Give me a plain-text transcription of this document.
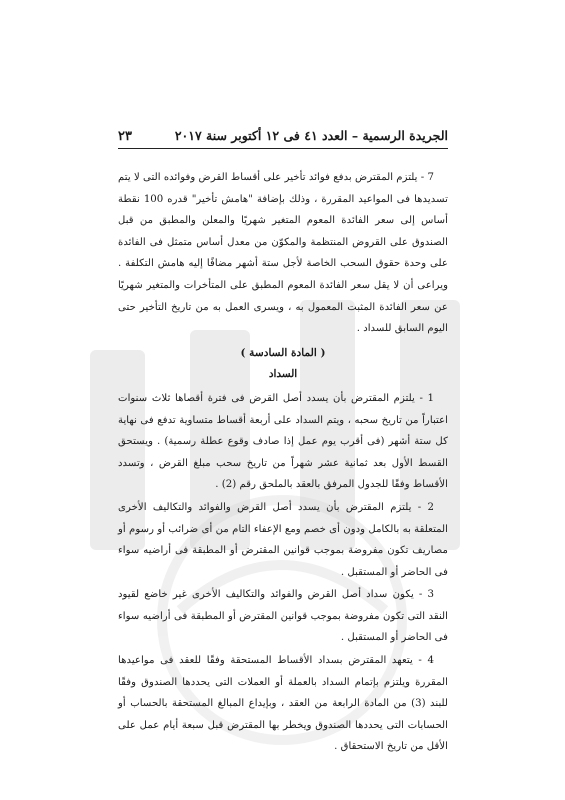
الجريدة الرسمية – العدد ٤١ فى ١٢ أكتوبر سنة ٢٠١٧
٢٣

7 - يلتزم المقترض بدفع فوائد تأخير على أقساط القرض وفوائده التى لا يتم تسديدها فى المواعيد المقررة ، وذلك بإضافة "هامش تأخير" قدره 100 نقطة أساس إلى سعر الفائدة المعوم المتغير شهريًا والمعلن والمطبق من قبل الصندوق على القروض المنتظمة والمكوّن من معدل أساس متمثل فى الفائدة على وحدة حقوق السحب الخاصة لأجل ستة أشهر مضافًا إليه هامش التكلفة . ويراعى أن لا يقل سعر الفائدة المعوم المطبق على المتأخرات والمتغير شهريًا عن سعر الفائدة المثبت المعمول به ، ويسرى العمل به من تاريخ التأخير حتى اليوم السابق للسداد .

( المادة السادسة )
السداد

1 - يلتزم المقترض بأن يسدد أصل القرض فى فترة أقصاها ثلاث سنوات اعتباراً من تاريخ سحبه ، ويتم السداد على أربعة أقساط متساوية تدفع فى نهاية كل ستة أشهر (فى أقرب يوم عمل إذا صادف وقوع عطلة رسمية) . ويستحق القسط الأول بعد ثمانية عشر شهراً من تاريخ سحب مبلغ القرض ، وتسدد الأقساط وفقًا للجدول المرفق بالعقد بالملحق رقم (2) .

2 - يلتزم المقترض بأن يسدد أصل القرض والفوائد والتكاليف الأخرى المتعلقة به بالكامل ودون أى خصم ومع الإعفاء التام من أى ضرائب أو رسوم أو مصاريف تكون مفروضة بموجب قوانين المقترض أو المطبقة فى أراضيه سواء فى الحاضر أو المستقبل .

3 - يكون سداد أصل القرض والفوائد والتكاليف الأخرى غير خاضع لقيود النقد التى تكون مفروضة بموجب قوانين المقترض أو المطبقة فى أراضيه سواء فى الحاضر أو المستقبل .

4 - يتعهد المقترض بسداد الأقساط المستحقة وفقًا للعقد فى مواعيدها المقررة ويلتزم بإتمام السداد بالعملة أو العملات التى يحددها الصندوق وفقًا للبند (3) من المادة الرابعة من العقد ، وبإيداع المبالغ المستحقة بالحساب أو الحسابات التى يحددها الصندوق ويخطر بها المقترض قبل سبعة أيام عمل على الأقل من تاريخ الاستحقاق .
